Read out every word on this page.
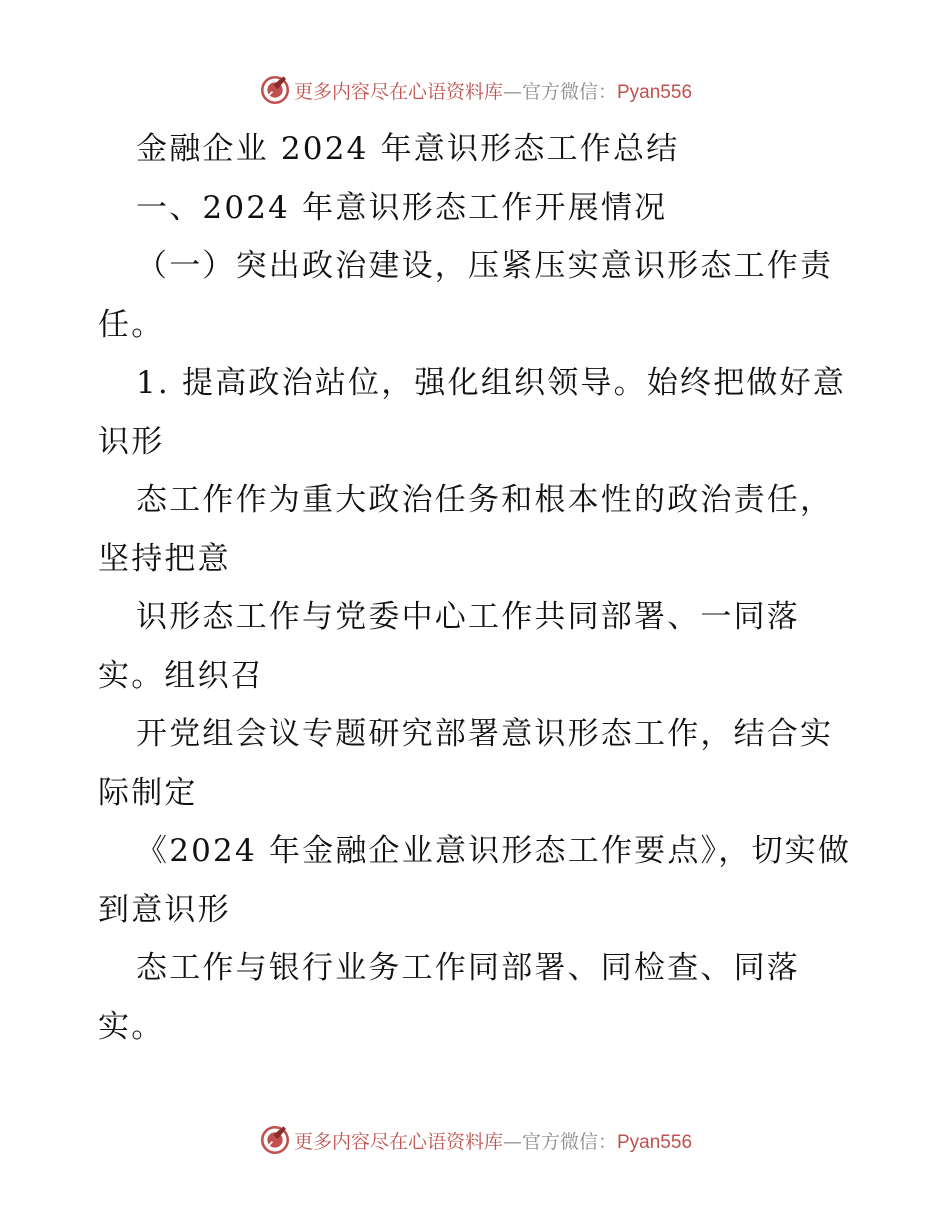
更多内容尽在心语资料库—官方微信：Pyan556

金融企业 2024 年意识形态工作总结

一、2024 年意识形态工作开展情况

（一）突出政治建设，压紧压实意识形态工作责任。

1. 提高政治站位，强化组织领导。始终把做好意识形

态工作作为重大政治任务和根本性的政治责任，坚持把意

识形态工作与党委中心工作共同部署、一同落实。组织召

开党组会议专题研究部署意识形态工作，结合实际制定

《2024 年金融企业意识形态工作要点》，切实做到意识形

态工作与银行业务工作同部署、同检查、同落实。

更多内容尽在心语资料库—官方微信：Pyan556
